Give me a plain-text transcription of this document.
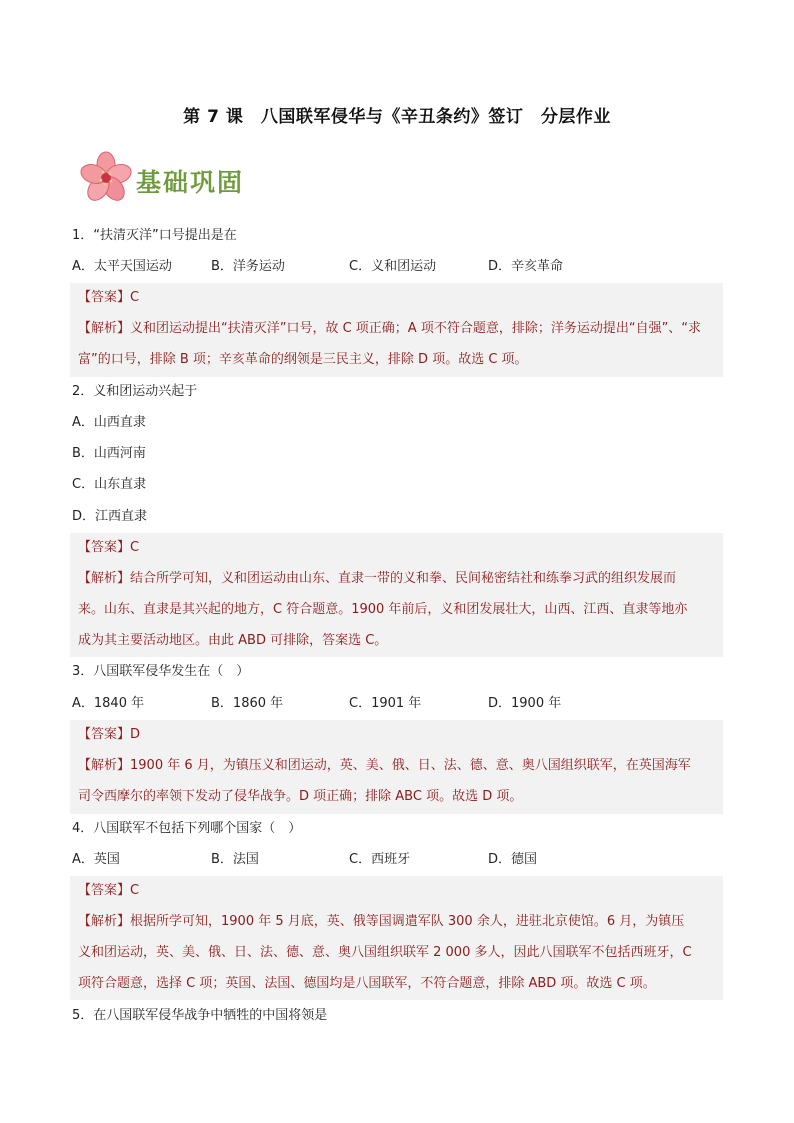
第 7 课　八国联军侵华与《辛丑条约》签订　分层作业
基础巩固
1．“扶清灭洋”口号提出是在
A．太平天国运动	B．洋务运动	C．义和团运动	D．辛亥革命
【答案】C
【解析】义和团运动提出“扶清灭洋”口号，故 C 项正确；A 项不符合题意，排除；洋务运动提出“自强”、“求
富”的口号，排除 B 项；辛亥革命的纲领是三民主义，排除 D 项。故选 C 项。
2．义和团运动兴起于
A．山西直隶
B．山西河南
C．山东直隶
D．江西直隶
【答案】C
【解析】结合所学可知，义和团运动由山东、直隶一带的义和拳、民间秘密结社和练拳习武的组织发展而
来。山东、直隶是其兴起的地方，C 符合题意。1900 年前后，义和团发展壮大，山西、江西、直隶等地亦
成为其主要活动地区。由此 ABD 可排除，答案选 C。
3．八国联军侵华发生在（　）
A．1840 年	B．1860 年	C．1901 年	D．1900 年
【答案】D
【解析】1900 年 6 月，为镇压义和团运动，英、美、俄、日、法、德、意、奥八国组织联军，在英国海军
司令西摩尔的率领下发动了侵华战争。D 项正确；排除 ABC 项。故选 D 项。
4．八国联军不包括下列哪个国家（　）
A．英国	B．法国	C．西班牙	D．德国
【答案】C
【解析】根据所学可知，1900 年 5 月底，英、俄等国调遣军队 300 余人，进驻北京使馆。6 月，为镇压
义和团运动，英、美、俄、日、法、德、意、奥八国组织联军 2 000 多人，因此八国联军不包括西班牙，C
项符合题意，选择 C 项；英国、法国、德国均是八国联军，不符合题意，排除 ABD 项。故选 C 项。
5．在八国联军侵华战争中牺牲的中国将领是
